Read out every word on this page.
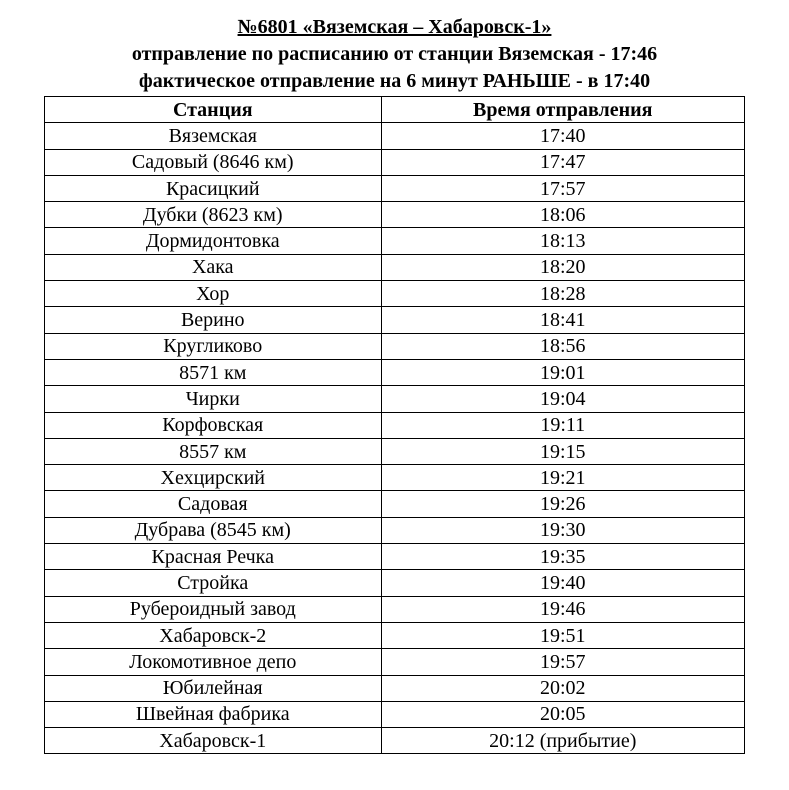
№6801 «Вяземская – Хабаровск-1»
отправление по расписанию от станции Вяземская - 17:46
фактическое отправление на 6 минут РАНЬШЕ - в 17:40
Станция	Время отправления
Вяземская	17:40
Садовый (8646 км)	17:47
Красицкий	17:57
Дубки (8623 км)	18:06
Дормидонтовка	18:13
Хака	18:20
Хор	18:28
Верино	18:41
Кругликово	18:56
8571 км	19:01
Чирки	19:04
Корфовская	19:11
8557 км	19:15
Хехцирский	19:21
Садовая	19:26
Дубрава (8545 км)	19:30
Красная Речка	19:35
Стройка	19:40
Рубероидный завод	19:46
Хабаровск-2	19:51
Локомотивное депо	19:57
Юбилейная	20:02
Швейная фабрика	20:05
Хабаровск-1	20:12 (прибытие)
